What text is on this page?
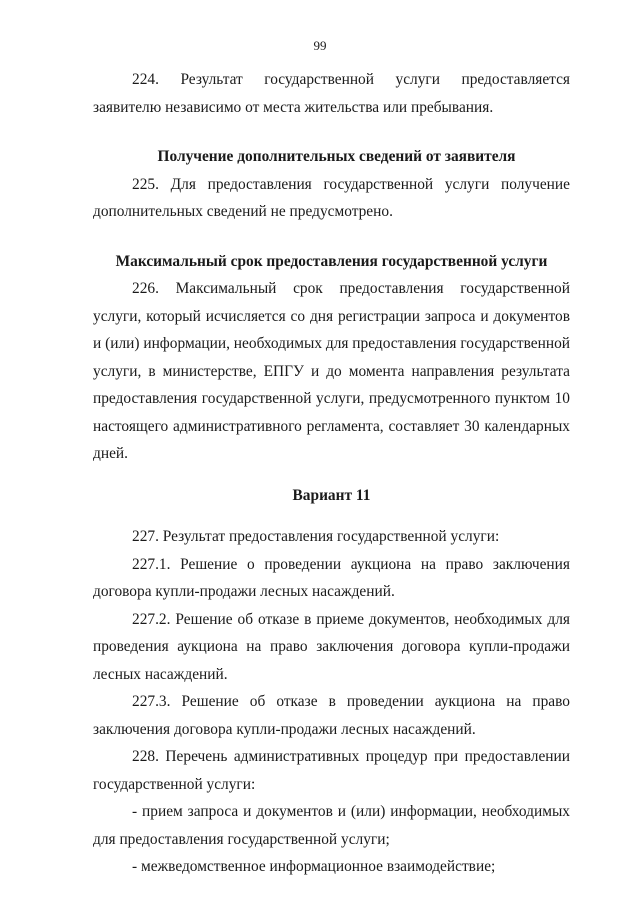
99

224. Результат государственной услуги предоставляется заявителю независимо от места жительства или пребывания.

Получение дополнительных сведений от заявителя

225. Для предоставления государственной услуги получение дополнительных сведений не предусмотрено.

Максимальный срок предоставления государственной услуги

226. Максимальный срок предоставления государственной услуги, который исчисляется со дня регистрации запроса и документов и (или) информации, необходимых для предоставления государственной услуги, в министерстве, ЕПГУ и до момента направления результата предоставления государственной услуги, предусмотренного пунктом 10 настоящего административного регламента, составляет 30 календарных дней.

Вариант 11

227. Результат предоставления государственной услуги:

227.1. Решение о проведении аукциона на право заключения договора купли-продажи лесных насаждений.

227.2. Решение об отказе в приеме документов, необходимых для проведения аукциона на право заключения договора купли-продажи лесных насаждений.

227.3. Решение об отказе в проведении аукциона на право заключения договора купли-продажи лесных насаждений.

228. Перечень административных процедур при предоставлении государственной услуги:

- прием запроса и документов и (или) информации, необходимых для предоставления государственной услуги;

- межведомственное информационное взаимодействие;
